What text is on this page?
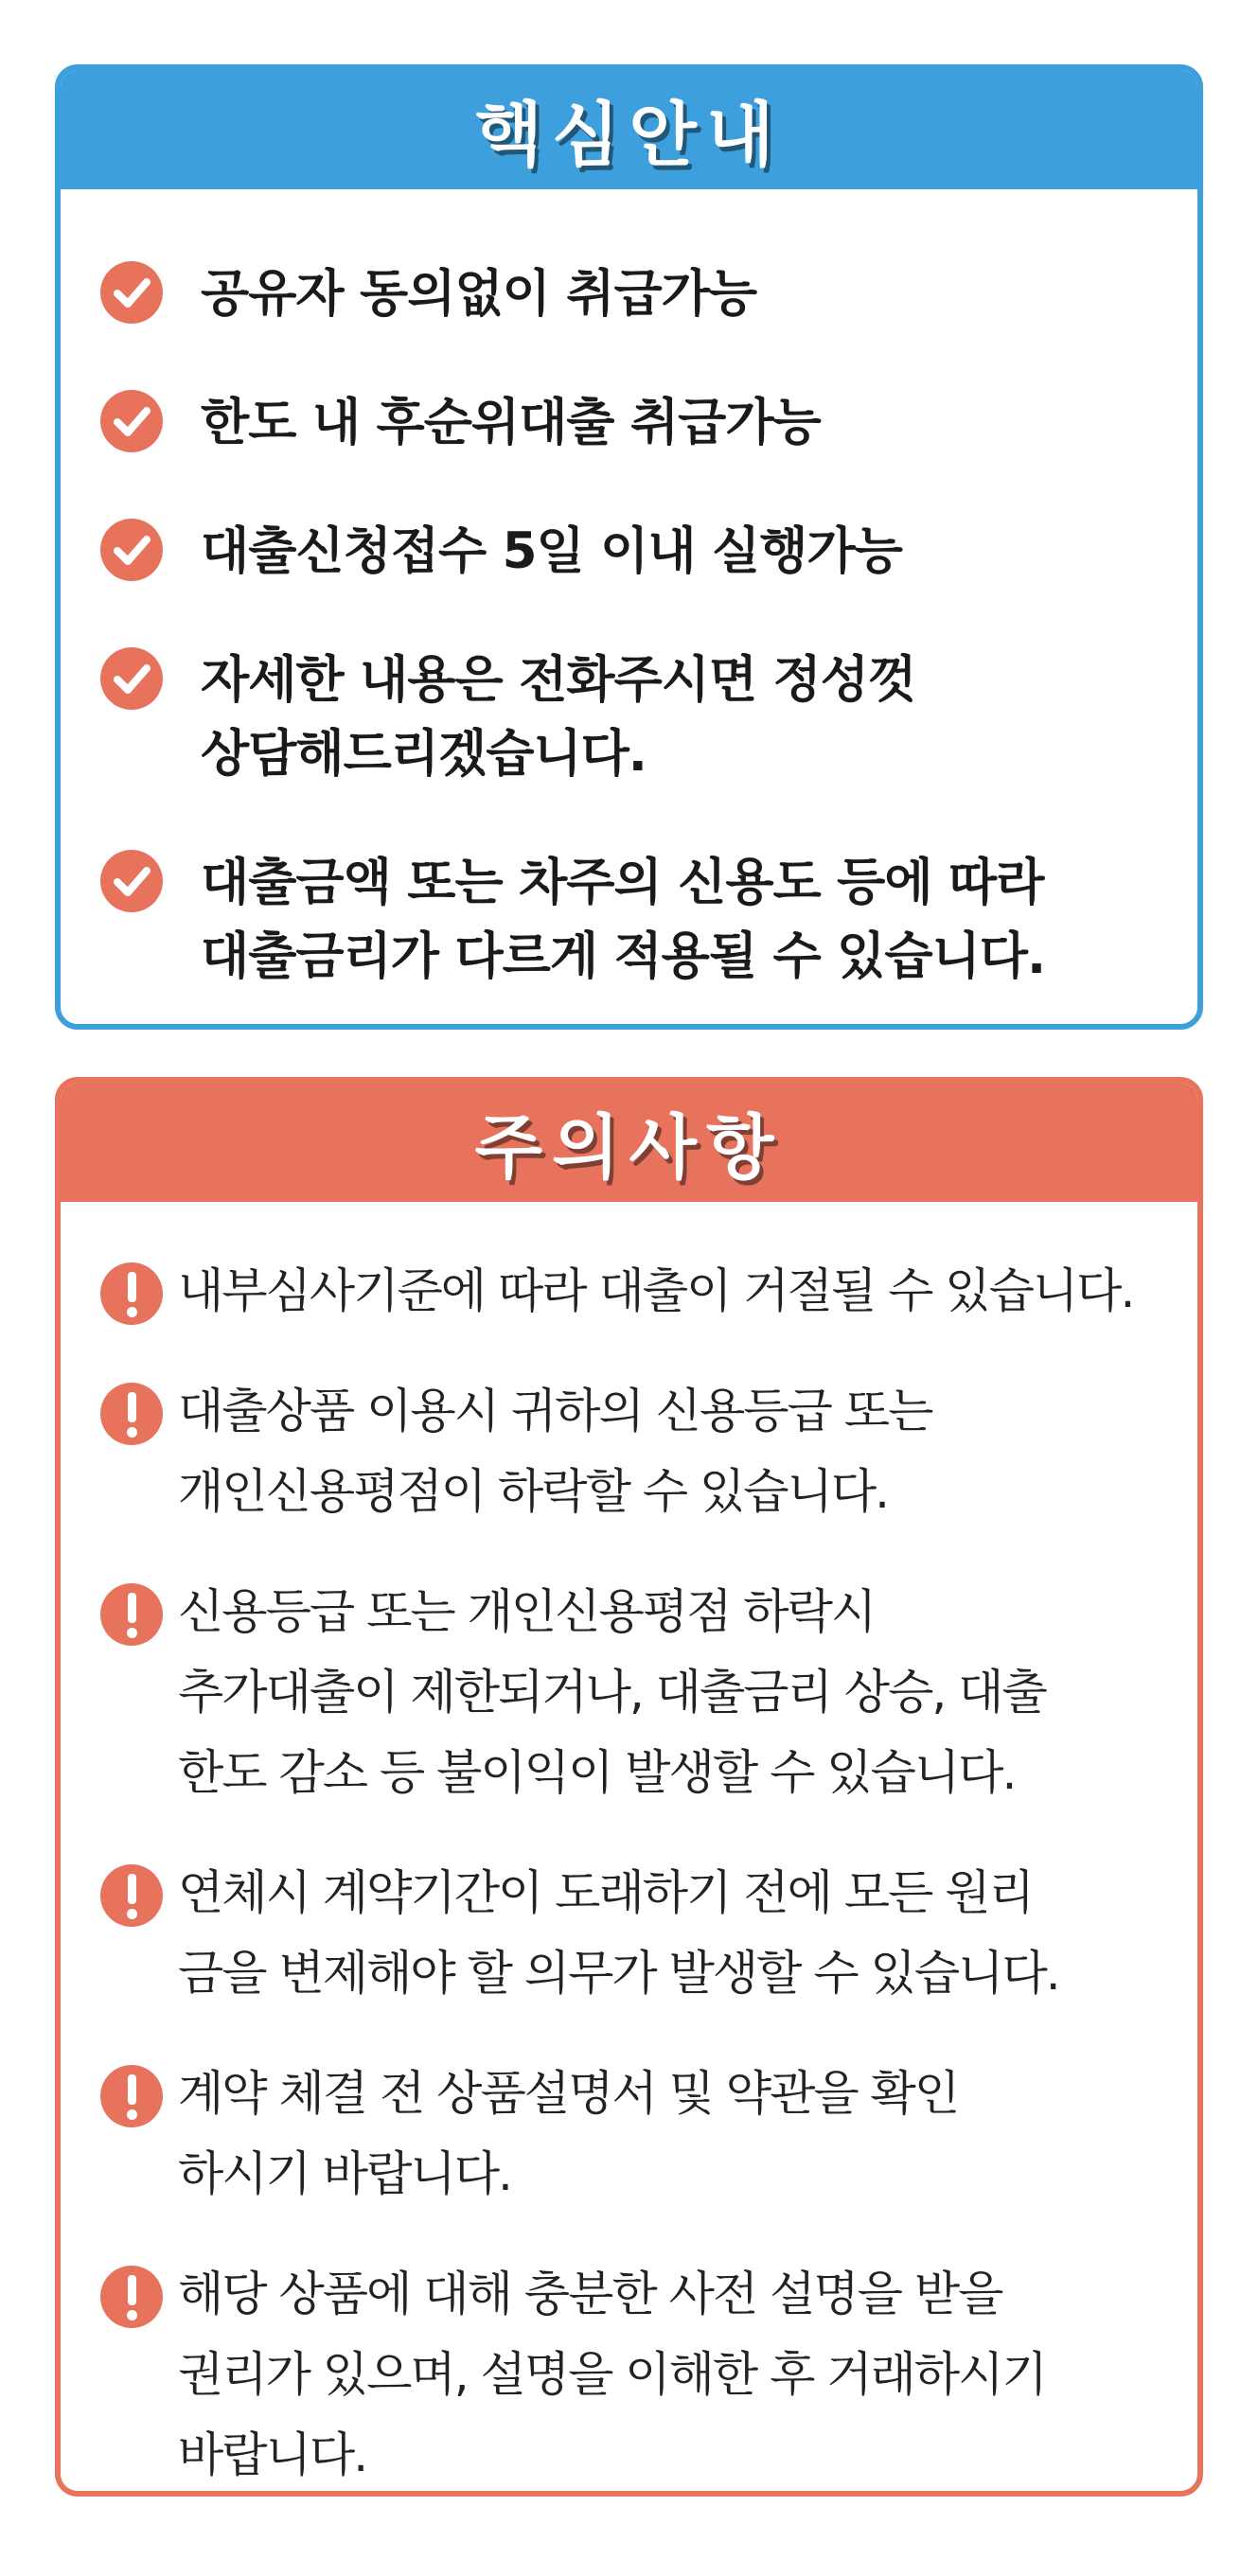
핵심안내
공유자 동의없이 취급가능
한도 내 후순위대출 취급가능
대출신청접수 5일 이내 실행가능
자세한 내용은 전화주시면 정성껏
상담해드리겠습니다.
대출금액 또는 차주의 신용도 등에 따라
대출금리가 다르게 적용될 수 있습니다.
주의사항
내부심사기준에 따라 대출이 거절될 수 있습니다.
대출상품 이용시 귀하의 신용등급 또는
개인신용평점이 하락할 수 있습니다.
신용등급 또는 개인신용평점 하락시
추가대출이 제한되거나, 대출금리 상승, 대출
한도 감소 등 불이익이 발생할 수 있습니다.
연체시 계약기간이 도래하기 전에 모든 원리
금을 변제해야 할 의무가 발생할 수 있습니다.
계약 체결 전 상품설명서 및 약관을 확인
하시기 바랍니다.
해당 상품에 대해 충분한 사전 설명을 받을
권리가 있으며, 설명을 이해한 후 거래하시기
바랍니다.
